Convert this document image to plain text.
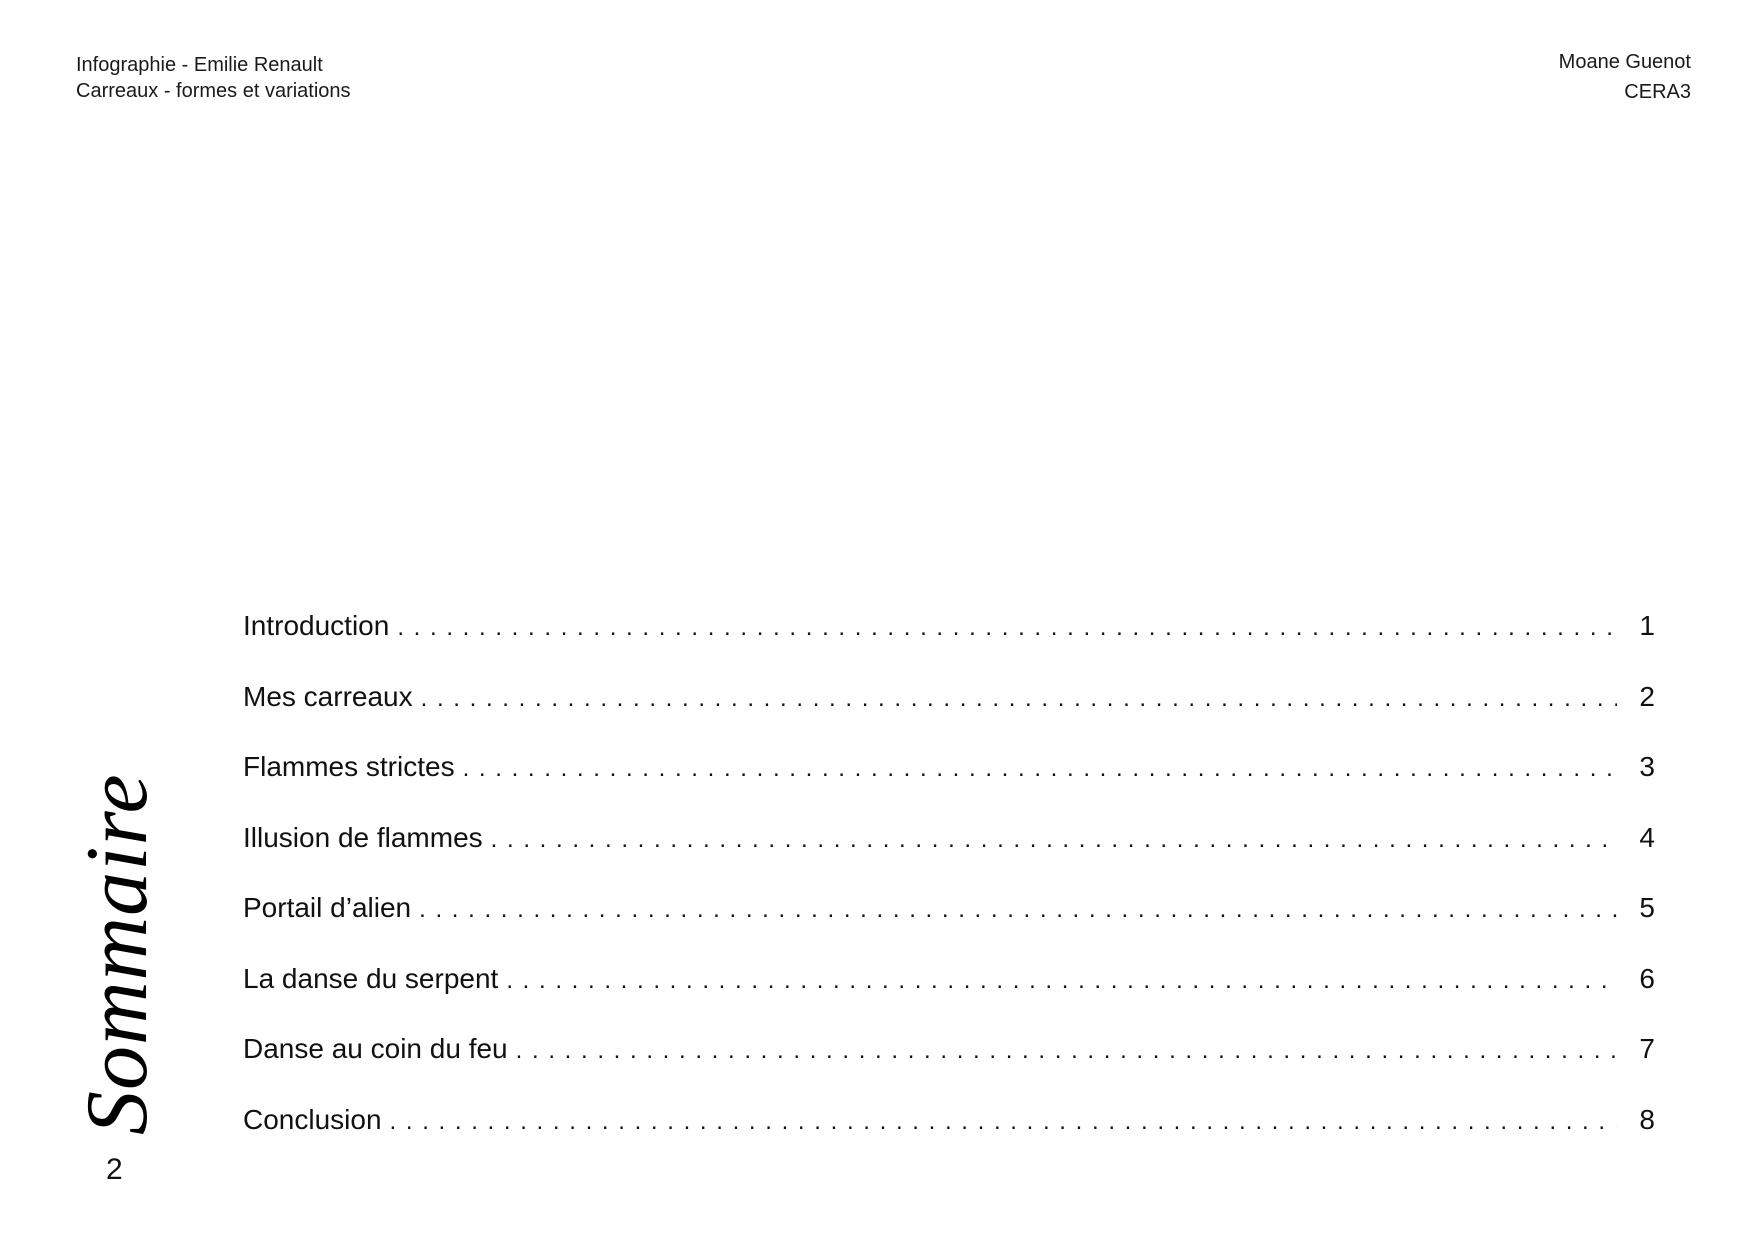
Infographie - Emilie Renault
Carreaux - formes et variations
Moane Guenot
CERA3
Sommaire
2
Introduction . . .	1
Mes carreaux . . .	2
Flammes strictes . . .	3
Illusion de flammes . . .	4
Portail d’alien . . .	5
La danse du serpent . . .	6
Danse au coin du feu . . .	7
Conclusion . . .	8
